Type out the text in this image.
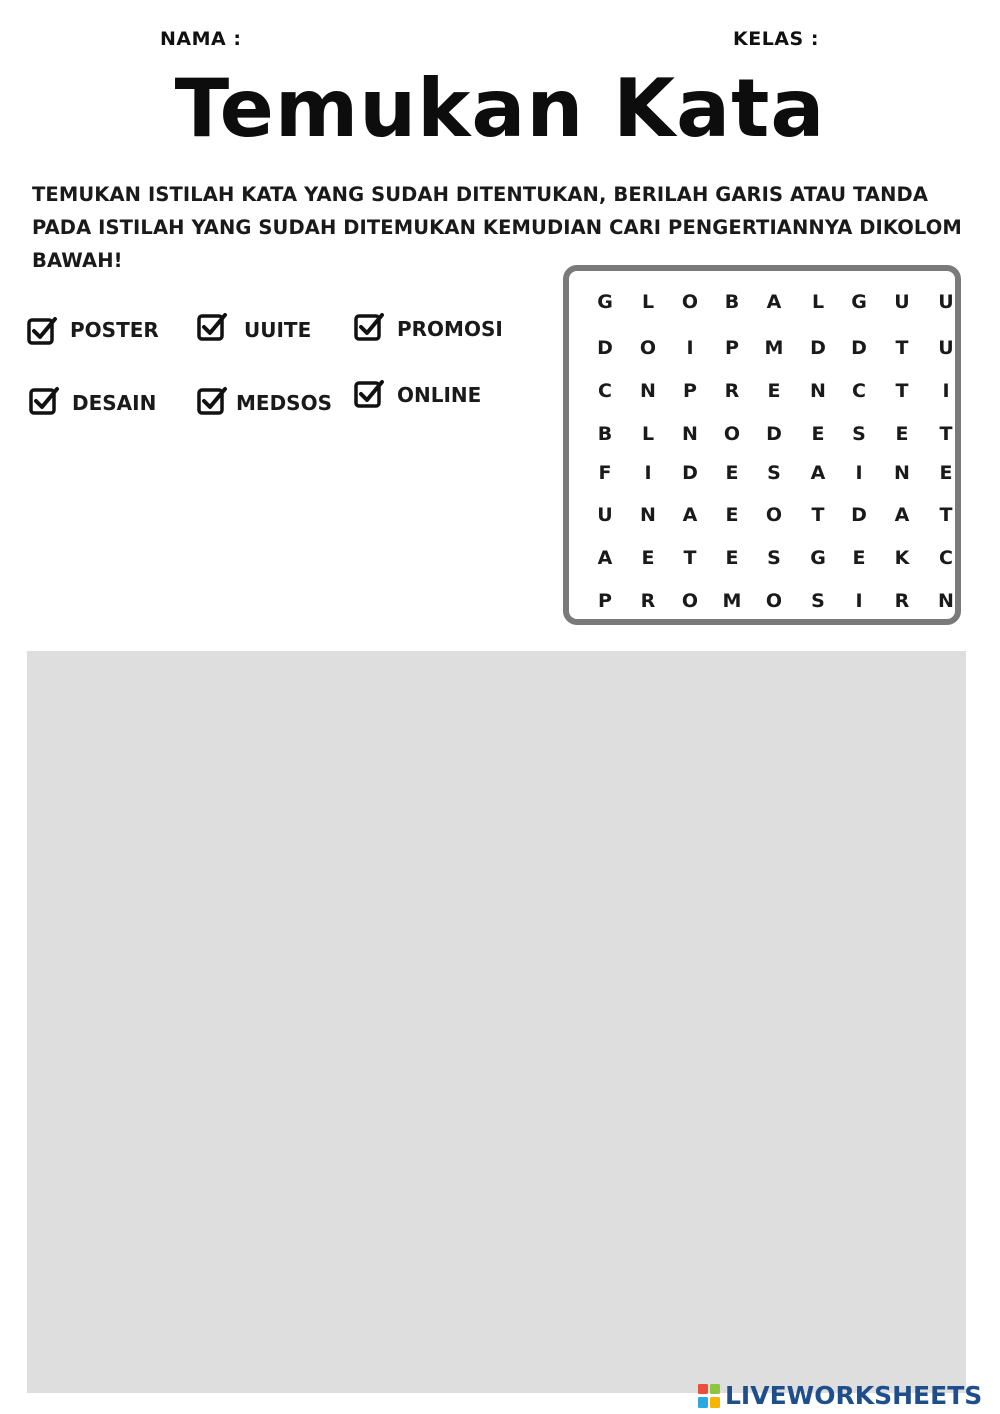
NAMA :	KELAS :
Temukan Kata

TEMUKAN ISTILAH KATA YANG SUDAH DITENTUKAN, BERILAH GARIS ATAU TANDA PADA ISTILAH YANG SUDAH DITEMUKAN KEMUDIAN CARI PENGERTIANNYA DIKOLOM BAWAH!

POSTER	UUITE	PROMOSI
DESAIN	MEDSOS	ONLINE
G	L	O	B	A	L	G	U	U
D	O	I	P	M	D	D	T	U
C	N	P	R	E	N	C	T	I
B	L	N	O	D	E	S	E	T
F	I	D	E	S	A	I	N	E
U	N	A	E	O	T	D	A	T
A	E	T	E	S	G	E	K	C
P	R	O	M	O	S	I	R	N
LIVEWORKSHEETS
